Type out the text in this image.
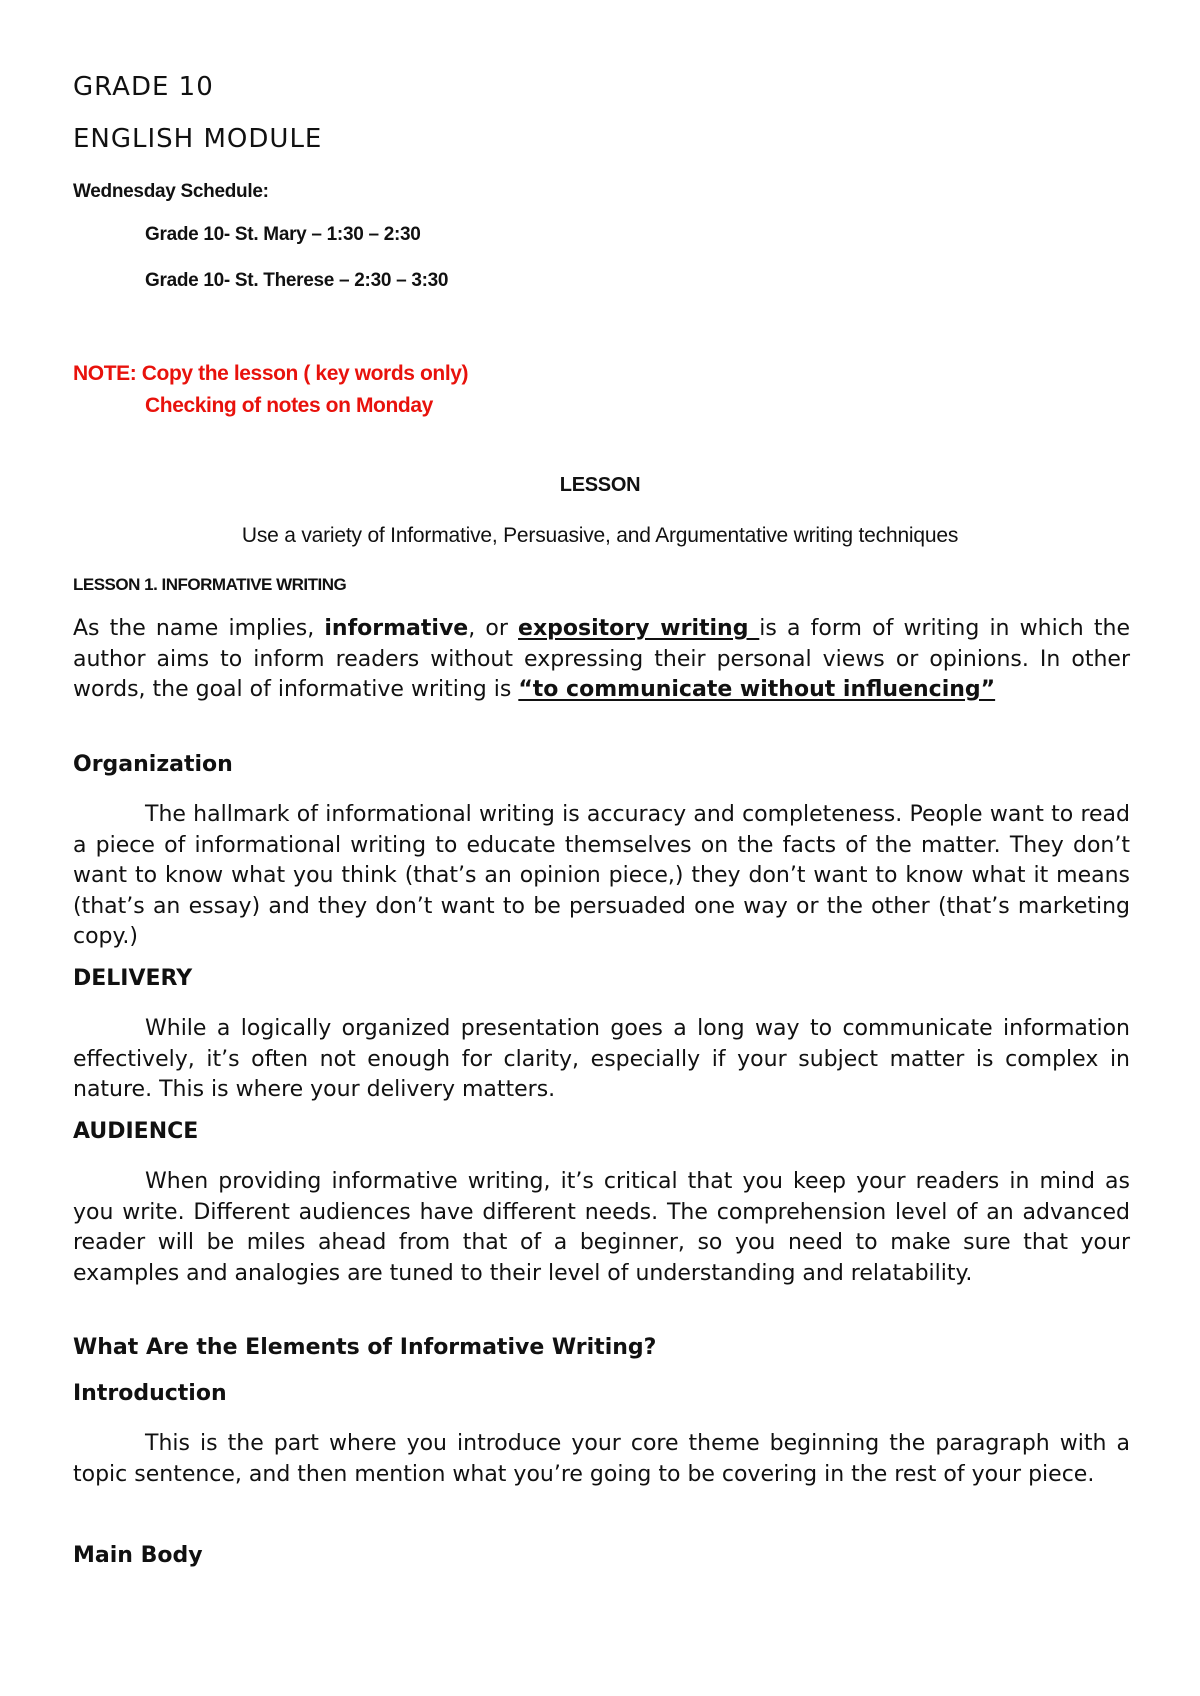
GRADE 10

ENGLISH MODULE

Wednesday Schedule:

Grade 10- St. Mary – 1:30 – 2:30

Grade 10- St. Therese – 2:30 – 3:30

NOTE: Copy the lesson ( key words only)

Checking of notes on Monday

LESSON

Use a variety of Informative, Persuasive, and Argumentative writing techniques

LESSON 1. INFORMATIVE WRITING

As the name implies, informative, or expository writing is a form of writing in which the author aims to inform readers without expressing their personal views or opinions. In other words, the goal of informative writing is “to communicate without influencing”

Organization

The hallmark of informational writing is accuracy and completeness. People want to read a piece of informational writing to educate themselves on the facts of the matter. They don’t want to know what you think (that’s an opinion piece,) they don’t want to know what it means (that’s an essay) and they don’t want to be persuaded one way or the other (that’s marketing copy.)

DELIVERY

While a logically organized presentation goes a long way to communicate information effectively, it’s often not enough for clarity, especially if your subject matter is complex in nature. This is where your delivery matters.

AUDIENCE

When providing informative writing, it’s critical that you keep your readers in mind as you write. Different audiences have different needs. The comprehension level of an advanced reader will be miles ahead from that of a beginner, so you need to make sure that your examples and analogies are tuned to their level of understanding and relatability.

What Are the Elements of Informative Writing?

Introduction

This is the part where you introduce your core theme beginning the paragraph with a topic sentence, and then mention what you’re going to be covering in the rest of your piece.

Main Body
